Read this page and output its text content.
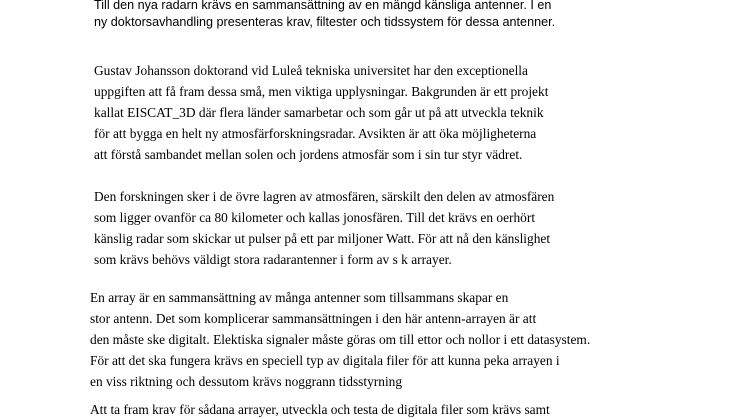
Till den nya radarn krävs en sammansättning av en mängd känsliga antenner. I en

ny doktorsavhandling presenteras krav, filtester och tidssystem för dessa antenner.

Gustav Johansson doktorand vid Luleå tekniska universitet har den exceptionella

uppgiften att få fram dessa små, men viktiga upplysningar. Bakgrunden är ett projekt

kallat EISCAT_3D där flera länder samarbetar och som går ut på att utveckla teknik

för att bygga en helt ny atmosfärforskningsradar. Avsikten är att öka möjligheterna

att förstå sambandet mellan solen och jordens atmosfär som i sin tur styr vädret.

Den forskningen sker i de övre lagren av atmosfären, särskilt den delen av atmosfären

som ligger ovanför ca 80 kilometer och kallas jonosfären. Till det krävs en oerhört

känslig radar som skickar ut pulser på ett par miljoner Watt. För att nå den känslighet

som krävs behövs väldigt stora radarantenner i form av s k arrayer.

En array är en sammansättning av många antenner som tillsammans skapar en

stor antenn. Det som komplicerar sammansättningen i den här antenn-arrayen är att

den måste ske digitalt. Elektiska signaler måste göras om till ettor och nollor i ett datasystem.

För att det ska fungera krävs en speciell typ av digitala filer för att kunna peka arrayen i

en viss riktning och dessutom krävs noggrann tidsstyrning

Att ta fram krav för sådana arrayer, utveckla och testa de digitala filer som krävs samt
